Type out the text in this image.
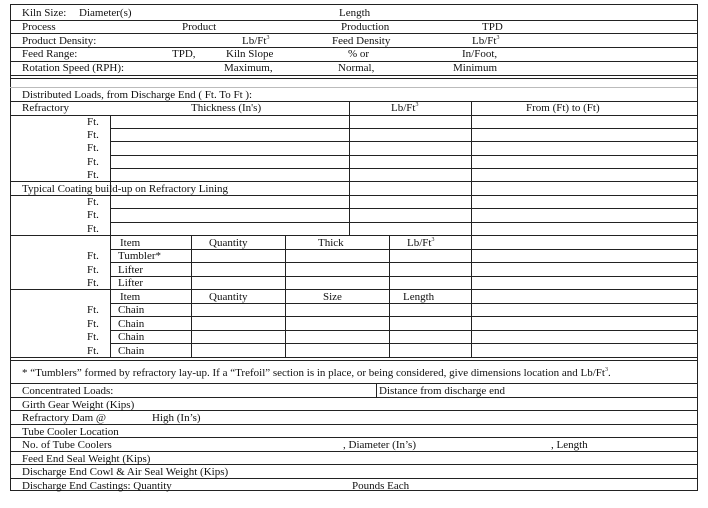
Kiln Size: Diameter(s)	Length
Process	Product	Production	TPD
Product Density:	Lb/Ft$^3$	Feed Density	Lb/Ft$^3$
Feed Range:	TPD,	Kiln Slope	% or	In/Foot,
Rotation Speed (RPH):	Maximum,	Normal,	Minimum
Distributed Loads, from Discharge End ( Ft. To Ft ):
Refractory	Thickness (In's)	Lb/Ft$^3$	From (Ft) to (Ft)
Ft.
Ft.
Ft.
Ft.
Ft.
Typical Coating build-up on Refractory Lining
Ft.
Ft.
Ft.
Item	Quantity	Thick	Lb/Ft$^3$
Ft. Tumbler*
Ft. Lifter
Ft. Lifter
Item	Quantity	Size	Length
Ft. Chain
Ft. Chain
Ft. Chain
Ft. Chain
* “Tumblers” formed by refractory lay-up. If a “Trefoil” section is in place, or being considered, give dimensions location and Lb/Ft$^3$.
Concentrated Loads:	Distance from discharge end
Girth Gear Weight (Kips)
Refractory Dam @	High (In’s)
Tube Cooler Location
No. of Tube Coolers	, Diameter (In’s)	, Length
Feed End Seal Weight (Kips)
Discharge End Cowl & Air Seal Weight (Kips)
Discharge End Castings: Quantity	Pounds Each
